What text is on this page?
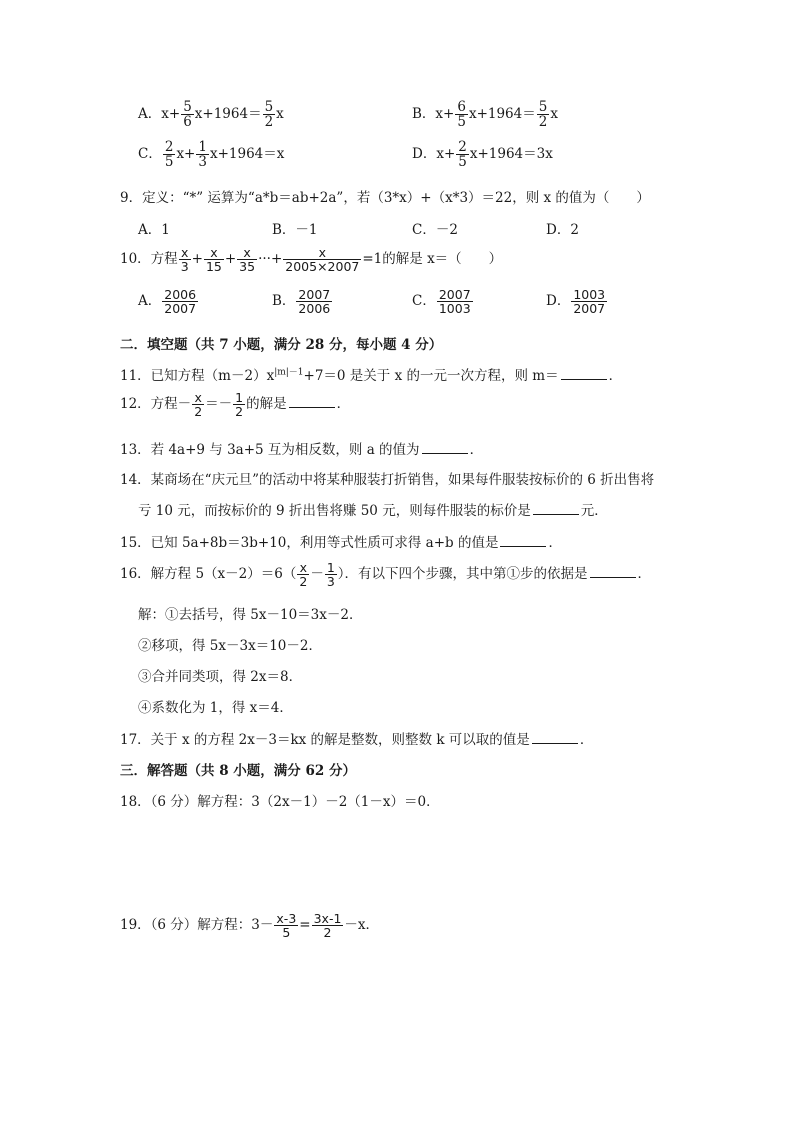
A．$x+ \frac{5}{6} x+1964= \frac{5}{2}$ x	B．$x+ \frac{6}{5} x+1964= \frac{5}{2}$ x
C． $\frac{2}{5} x+ \frac{1}{3} x+1964=x$	D．$x+ \frac{2}{5} x+1964=3x$
9．定义：“*” 运算为“a*b＝ab+2a”，若（3*x）+（x*3）＝22，则 x 的值为（　　）
A．1	B．－1	C．－2	D．2
10．方程 $\frac{x}{3} + \frac{x}{15} + \frac{x}{35}$ ···+ $\frac{x}{2005\times 2007} =1$的解是 x＝（　　）
A． $\frac{2006}{2007}$	B． $\frac{2007}{2006}$	C． $\frac{2007}{1003}$	D． $\frac{1003}{2007}$
二．填空题（共 7 小题，满分 28 分，每小题 4 分）
11．已知方程$(m-2)x^{|m|-1}+7=0$ 是关于 x 的一元一次方程，则 m＝	．
12．方程－ $\frac{x}{2} =- \frac{1}{2}$ 的解是	．
13．若 4a+9 与 3a+5 互为相反数，则 a 的值为	．
14．某商场在“庆元旦”的活动中将某种服装打折销售，如果每件服装按标价的 6 折出售将
亏 10 元，而按标价的 9 折出售将赚 50 元，则每件服装的标价是	元．
15．已知 5a+8b＝3b+10，利用等式性质可求得 a+b 的值是	．
16．解方程 $5(x-2)=6( \frac{x}{2} - \frac{1}{3}$ ）．有以下四个步骤，其中第①步的依据是	．
解：①去括号，得 5x－10＝3x－2．
②移项，得 5x－3x＝10－2．
③合并同类项，得 2x＝8．
④系数化为 1，得 x＝4．
17．关于 x 的方程 2x－3＝kx 的解是整数，则整数 k 可以取的值是	．
三．解答题（共 8 小题，满分 62 分）
18．（6 分）解方程：3（2x－1）－2（1－x）＝0．
19．（6 分）解方程：$3- \frac{x-3}{5} = \frac{3x-1}{2} -x$．
